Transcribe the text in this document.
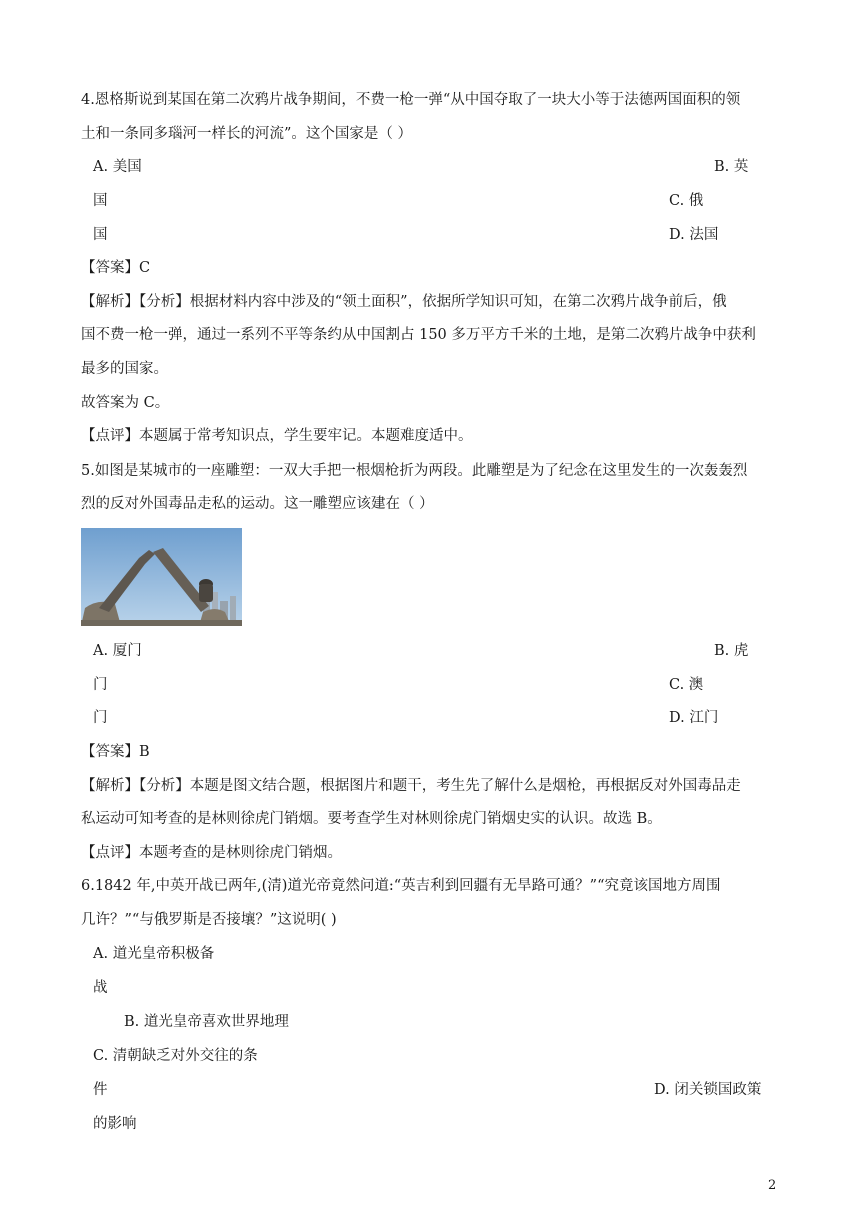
4.恩格斯说到某国在第二次鸦片战争期间，不费一枪一弹“从中国夺取了一块大小等于法德两国面积的领
土和一条同多瑙河一样长的河流”。这个国家是（ ）
A. 美国	B. 英
国	C. 俄
国	D. 法国
【答案】C
【解析】【分析】根据材料内容中涉及的“领土面积”，依据所学知识可知，在第二次鸦片战争前后，俄
国不费一枪一弹，通过一系列不平等条约从中国割占 150 多万平方千米的土地，是第二次鸦片战争中获利
最多的国家。
故答案为 C。
【点评】本题属于常考知识点，学生要牢记。本题难度适中。
5.如图是某城市的一座雕塑：一双大手把一根烟枪折为两段。此雕塑是为了纪念在这里发生的一次轰轰烈
烈的反对外国毒品走私的运动。这一雕塑应该建在（ ）
A. 厦门	B. 虎
门	C. 澳
门	D. 江门
【答案】B
【解析】【分析】本题是图文结合题，根据图片和题干，考生先了解什么是烟枪，再根据反对外国毒品走
私运动可知考查的是林则徐虎门销烟。要考查学生对林则徐虎门销烟史实的认识。故选 B。
【点评】本题考查的是林则徐虎门销烟。
6.1842 年,中英开战已两年,(清)道光帝竟然问道:“英吉利到回疆有无旱路可通？”“究竟该国地方周围
几许？”“与俄罗斯是否接壤？”这说明( )
A. 道光皇帝积极备
战
B. 道光皇帝喜欢世界地理
C. 清朝缺乏对外交往的条
件	D. 闭关锁国政策
的影响
2
